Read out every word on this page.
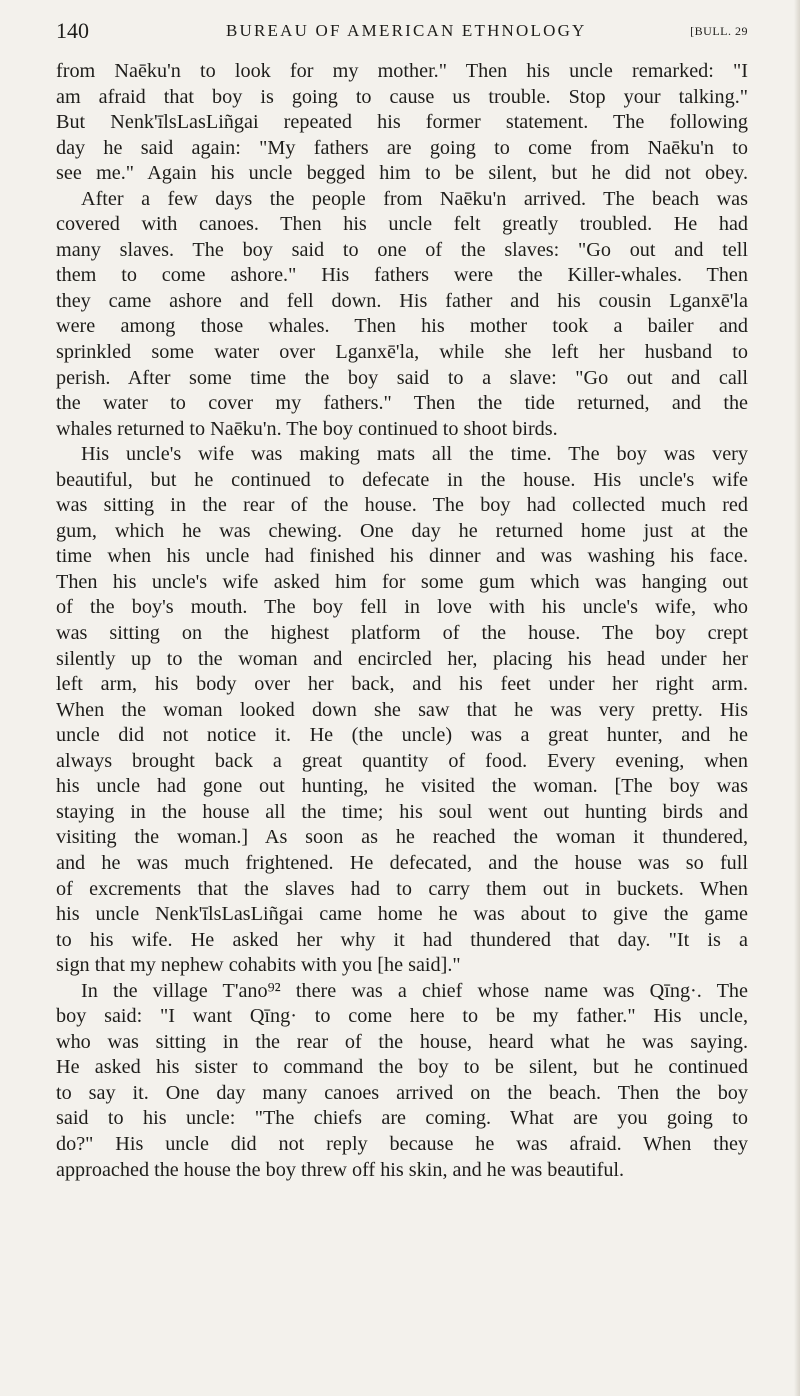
140	BUREAU OF AMERICAN ETHNOLOGY	[BULL. 29

from Naēku'n to look for my mother." Then his uncle remarked: "I

am afraid that boy is going to cause us trouble. Stop your talking."

But Nenk'īlsLasLiñgai repeated his former statement. The following

day he said again: "My fathers are going to come from Naēku'n to

see me." Again his uncle begged him to be silent, but he did not obey.

After a few days the people from Naēku'n arrived. The beach was

covered with canoes. Then his uncle felt greatly troubled. He had

many slaves. The boy said to one of the slaves: "Go out and tell

them to come ashore." His fathers were the Killer-whales. Then

they came ashore and fell down. His father and his cousin Lganxē'la

were among those whales. Then his mother took a bailer and

sprinkled some water over Lganxē'la, while she left her husband to

perish. After some time the boy said to a slave: "Go out and call

the water to cover my fathers." Then the tide returned, and the

whales returned to Naēku'n. The boy continued to shoot birds.

His uncle's wife was making mats all the time. The boy was very

beautiful, but he continued to defecate in the house. His uncle's wife

was sitting in the rear of the house. The boy had collected much red

gum, which he was chewing. One day he returned home just at the

time when his uncle had finished his dinner and was washing his face.

Then his uncle's wife asked him for some gum which was hanging out

of the boy's mouth. The boy fell in love with his uncle's wife, who

was sitting on the highest platform of the house. The boy crept

silently up to the woman and encircled her, placing his head under her

left arm, his body over her back, and his feet under her right arm.

When the woman looked down she saw that he was very pretty. His

uncle did not notice it. He (the uncle) was a great hunter, and he

always brought back a great quantity of food. Every evening, when

his uncle had gone out hunting, he visited the woman. [The boy was

staying in the house all the time; his soul went out hunting birds and

visiting the woman.] As soon as he reached the woman it thundered,

and he was much frightened. He defecated, and the house was so full

of excrements that the slaves had to carry them out in buckets. When

his uncle Nenk'īlsLasLiñgai came home he was about to give the game

to his wife. He asked her why it had thundered that day. "It is a

sign that my nephew cohabits with you [he said]."

In the village T'ano⁹² there was a chief whose name was Qīng·. The

boy said: "I want Qīng· to come here to be my father." His uncle,

who was sitting in the rear of the house, heard what he was saying.

He asked his sister to command the boy to be silent, but he continued

to say it. One day many canoes arrived on the beach. Then the boy

said to his uncle: "The chiefs are coming. What are you going to

do?" His uncle did not reply because he was afraid. When they

approached the house the boy threw off his skin, and he was beautiful.
